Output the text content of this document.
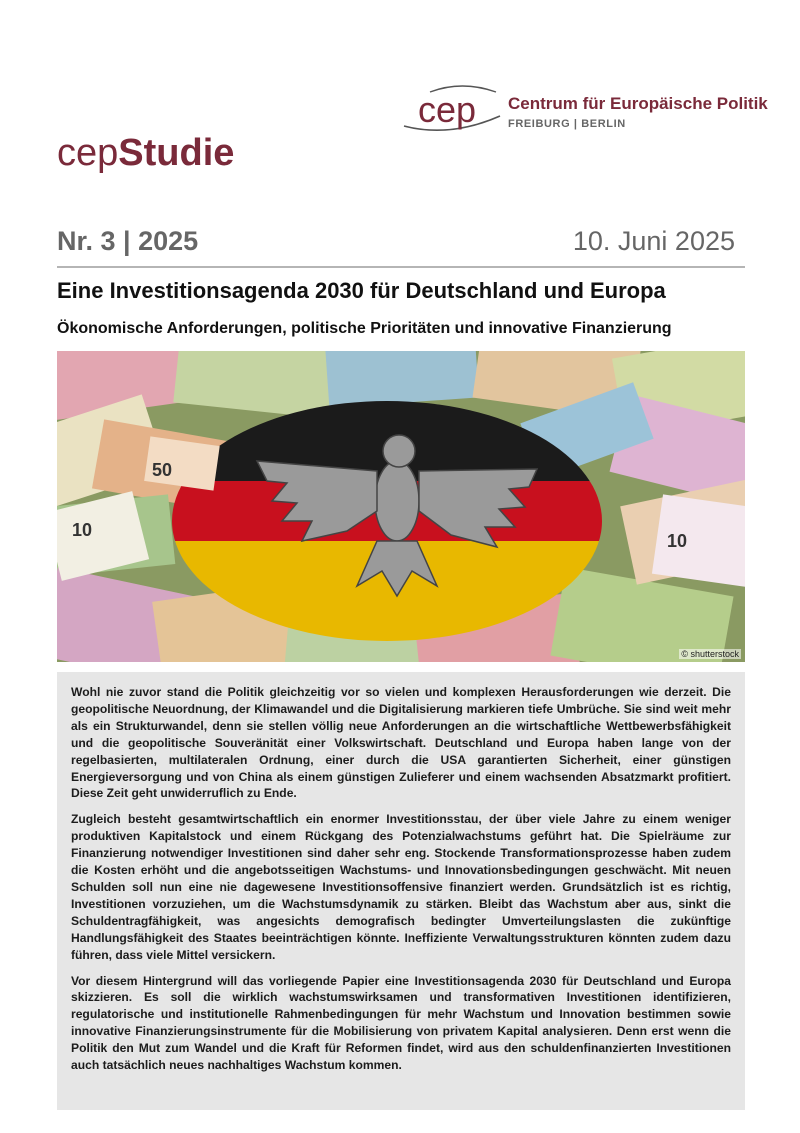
cep Centrum für Europäische Politik
FREIBURG | BERLIN
cepStudie
Nr. 3 | 2025	10. Juni 2025
Eine Investitionsagenda 2030 für Deutschland und Europa
Ökonomische Anforderungen, politische Prioritäten und innovative Finanzierung
10
10
50
© shutterstock

Wohl nie zuvor stand die Politik gleichzeitig vor so vielen und komplexen Herausforderungen wie derzeit. Die geopolitische Neuordnung, der Klimawandel und die Digitalisierung markieren tiefe Umbrüche. Sie sind weit mehr als ein Strukturwandel, denn sie stellen völlig neue Anforderungen an die wirtschaftliche Wettbewerbsfähigkeit und die geopolitische Souveränität einer Volkswirtschaft. Deutschland und Europa haben lange von der regelbasierten, multilateralen Ordnung, einer durch die USA garantierten Sicherheit, einer günstigen Energieversorgung und von China als einem günstigen Zulieferer und einem wachsenden Absatzmarkt profitiert. Diese Zeit geht unwiderruflich zu Ende.

Zugleich besteht gesamtwirtschaftlich ein enormer Investitionsstau, der über viele Jahre zu einem weniger produktiven Kapitalstock und einem Rückgang des Potenzialwachstums geführt hat. Die Spielräume zur Finanzierung notwendiger Investitionen sind daher sehr eng. Stockende Transformationsprozesse haben zudem die Kosten erhöht und die angebotsseitigen Wachstums- und Innovationsbedingungen geschwächt. Mit neuen Schulden soll nun eine nie dagewesene Investitionsoffensive finanziert werden. Grundsätzlich ist es richtig, Investitionen vorzuziehen, um die Wachstumsdynamik zu stärken. Bleibt das Wachstum aber aus, sinkt die Schuldentragfähigkeit, was angesichts demografisch bedingter Umverteilungslasten die zukünftige Handlungsfähigkeit des Staates beeinträchtigen könnte. Ineffiziente Verwaltungsstrukturen könnten zudem dazu führen, dass viele Mittel versickern.

Vor diesem Hintergrund will das vorliegende Papier eine Investitionsagenda 2030 für Deutschland und Europa skizzieren. Es soll die wirklich wachstumswirksamen und transformativen Investitionen identifizieren, regulatorische und institutionelle Rahmenbedingungen für mehr Wachstum und Innovation bestimmen sowie innovative Finanzierungsinstrumente für die Mobilisierung von privatem Kapital analysieren. Denn erst wenn die Politik den Mut zum Wandel und die Kraft für Reformen findet, wird aus den schuldenfinanzierten Investitionen auch tatsächlich neues nachhaltiges Wachstum kommen.
